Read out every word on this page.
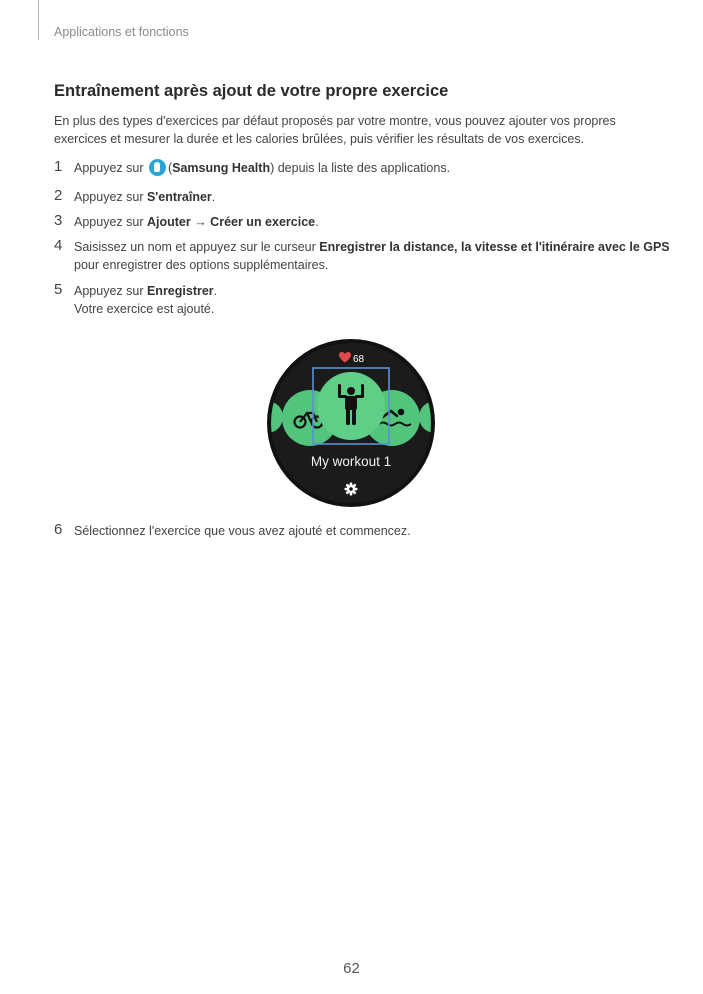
Applications et fonctions
Entraînement après ajout de votre propre exercice
En plus des types d'exercices par défaut proposés par votre montre, vous pouvez ajouter vos propres exercices et mesurer la durée et les calories brûlées, puis vérifier les résultats de vos exercices.
1 Appuyez sur (Samsung Health) depuis la liste des applications.
2 Appuyez sur S'entraîner.
3 Appuyez sur Ajouter → Créer un exercice.
4 Saisissez un nom et appuyez sur le curseur Enregistrer la distance, la vitesse et l'itinéraire avec le GPS pour enregistrer des options supplémentaires.
5 Appuyez sur Enregistrer.
Votre exercice est ajouté.
68
My workout 1
6 Sélectionnez l'exercice que vous avez ajouté et commencez.
62
